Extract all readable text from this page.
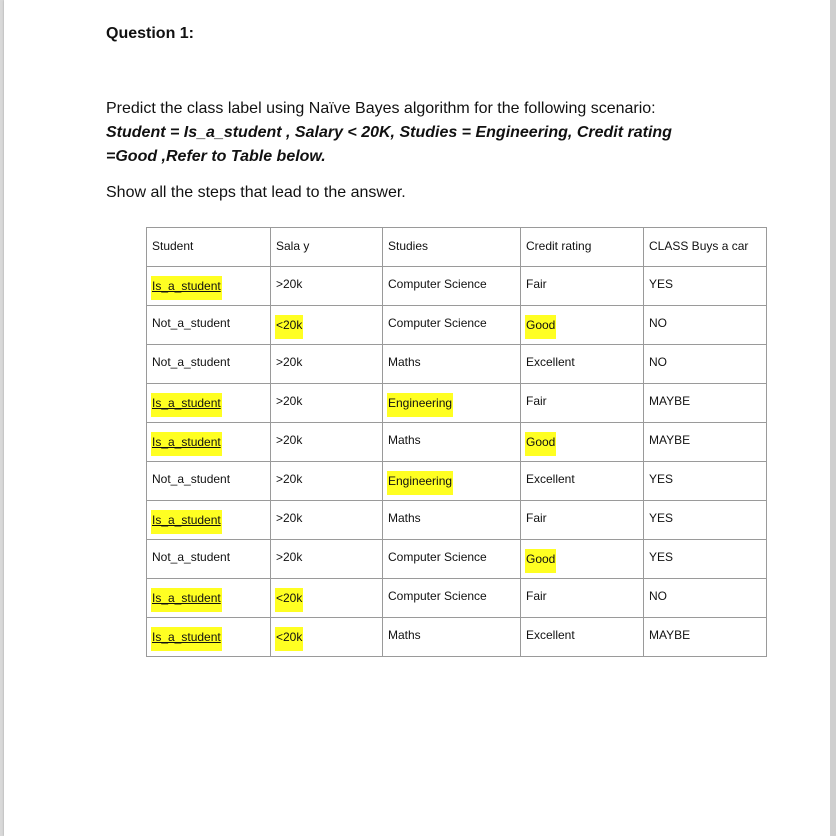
Question 1:
Predict the class label using Naïve Bayes algorithm for the following scenario:
Student = Is_a_student , Salary < 20K, Studies = Engineering, Credit rating
=Good ,Refer to Table below.
Show all the steps that lead to the answer.
Student	Sala y	Studies	Credit rating	CLASS Buys a car
Is_a_student	>20k	Computer Science	Fair	YES
Not_a_student	<20k	Computer Science	Good	NO
Not_a_student	>20k	Maths	Excellent	NO
Is_a_student	>20k	Engineering	Fair	MAYBE
Is_a_student	>20k	Maths	Good	MAYBE
Not_a_student	>20k	Engineering	Excellent	YES
Is_a_student	>20k	Maths	Fair	YES
Not_a_student	>20k	Computer Science	Good	YES
Is_a_student	<20k	Computer Science	Fair	NO
Is_a_student	<20k	Maths	Excellent	MAYBE
